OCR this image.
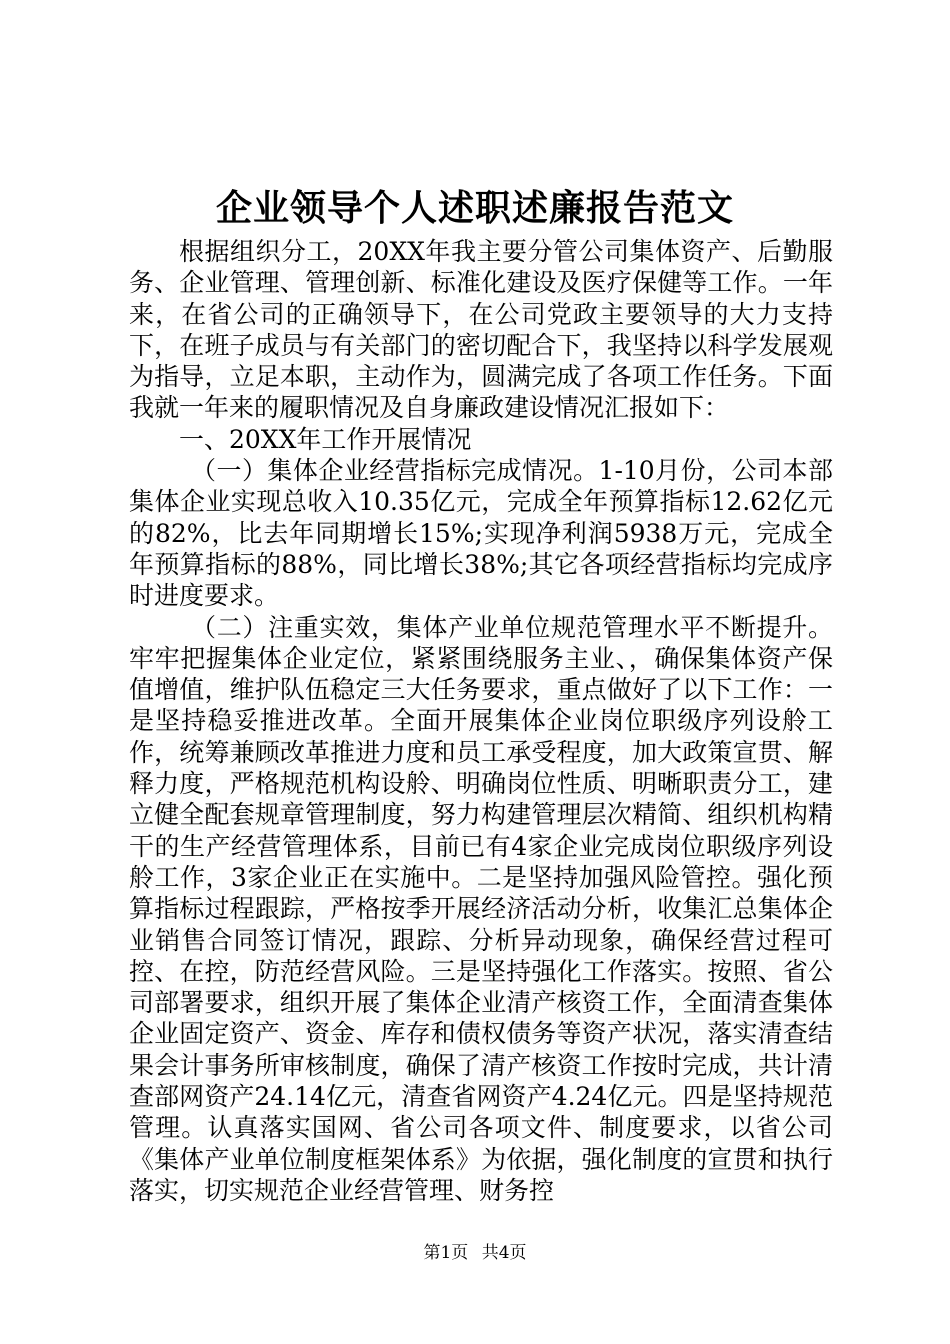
企业领导个人述职述廉报告范文

根据组织分工，20XX年我主要分管公司集体资产、后勤服务、企业管理、管理创新、标准化建设及医疗保健等工作。一年来，在省公司的正确领导下，在公司党政主要领导的大力支持下，在班子成员与有关部门的密切配合下，我坚持以科学发展观为指导，立足本职，主动作为，圆满完成了各项工作任务。下面我就一年来的履职情况及自身廉政建设情况汇报如下：

一、20XX年工作开展情况

（一）集体企业经营指标完成情况。1-10月份，公司本部集体企业实现总收入10.35亿元，完成全年预算指标12.62亿元的82%，比去年同期增长15%;实现净利润5938万元，完成全年预算指标的88%，同比增长38%;其它各项经营指标均完成序时进度要求。

（二）注重实效，集体产业单位规范管理水平不断提升。牢牢把握集体企业定位，紧紧围绕服务主业、，确保集体资产保值增值，维护队伍稳定三大任务要求，重点做好了以下工作：一是坚持稳妥推进改革。全面开展集体企业岗位职级序列设舲工作，统筹兼顾改革推进力度和员工承受程度，加大政策宣贯、解释力度，严格规范机构设舲、明确岗位性质、明晰职责分工，建立健全配套规章管理制度，努力构建管理层次精简、组织机构精干的生产经营管理体系，目前已有4家企业完成岗位职级序列设舲工作，3家企业正在实施中。二是坚持加强风险管控。强化预算指标过程跟踪，严格按季开展经济活动分析，收集汇总集体企业销售合同签订情况，跟踪、分析异动现象，确保经营过程可控、在控，防范经营风险。三是坚持强化工作落实。按照、省公司部署要求，组织开展了集体企业清产核资工作，全面清查集体企业固定资产、资金、库存和债权债务等资产状况，落实清查结果会计事务所审核制度，确保了清产核资工作按时完成，共计清查部网资产24.14亿元，清查省网资产4.24亿元。四是坚持规范管理。认真落实国网、省公司各项文件、制度要求，以省公司《集体产业单位制度框架体系》为依据，强化制度的宣贯和执行落实，切实规范企业经营管理、财务控

第1页 共4页
